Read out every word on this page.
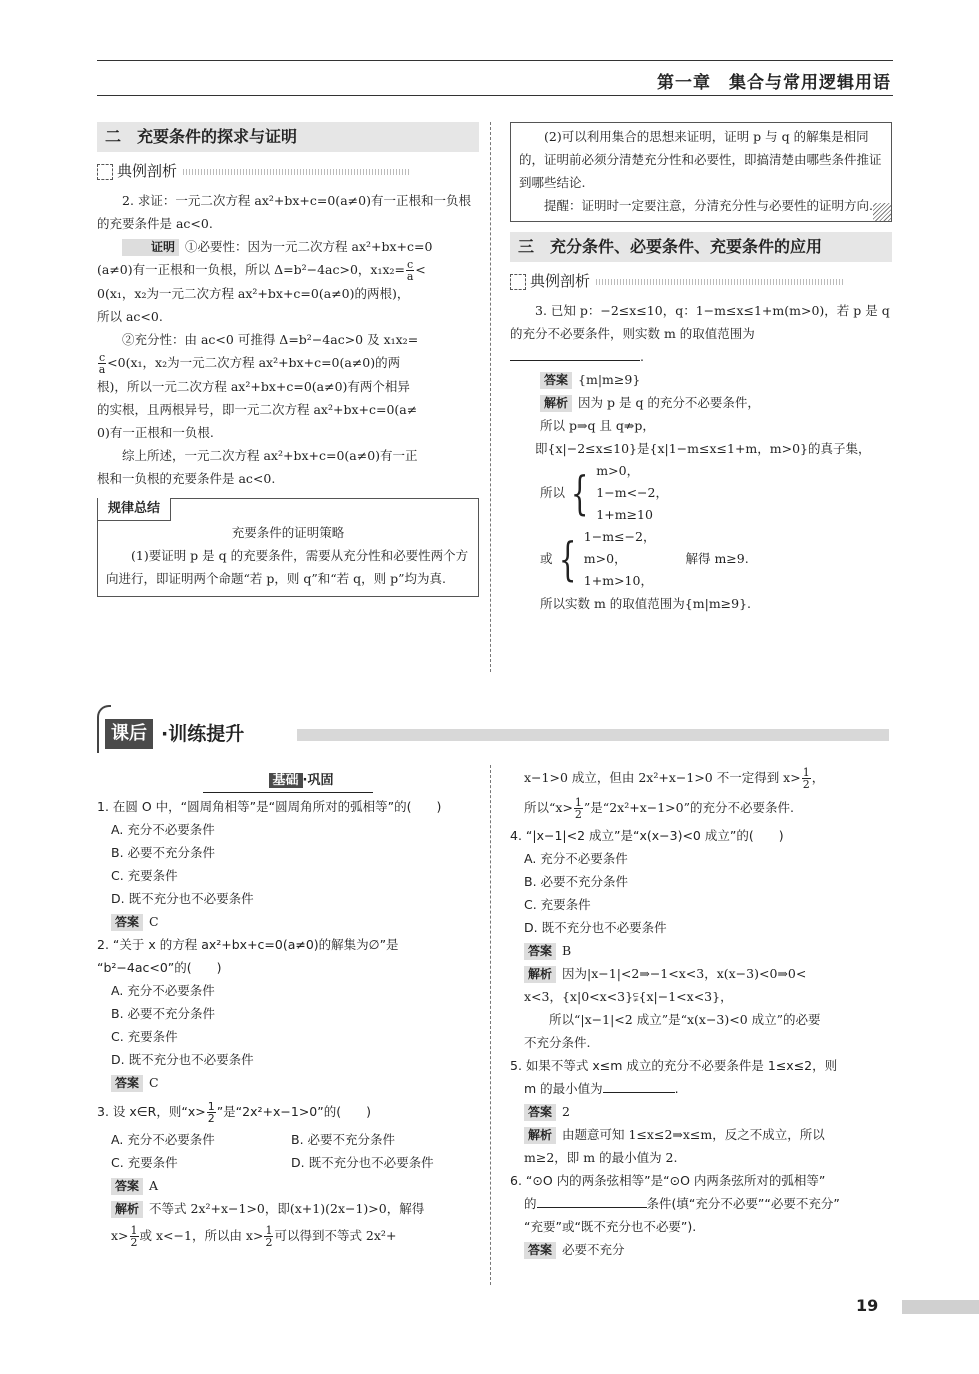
第一章　集合与常用逻辑用语
二　充要条件的探求与证明
典例剖析

2. 求证：一元二次方程 ax²+bx+c=0(a≠0)有一正根和一负根的充要条件是 ac<0.

证明 ①必要性：因为一元二次方程 ax²+bx+c=0

(a≠0)有一正根和一负根，所以 Δ=b²−4ac>0，$x_1x_2= \frac{c}{a}$ <

0(x₁，x₂为一元二次方程 ax²+bx+c=0(a≠0)的两根)，

所以 ac<0.

②充分性：由 ac<0 可推得 Δ=b²−4ac>0 及 x₁x₂=

$\frac{c}{a} <0(x_1$，x₂为一元二次方程 ax²+bx+c=0(a≠0)的两

根)，所以一元二次方程 ax²+bx+c=0(a≠0)有两个相异

的实根，且两根异号，即一元二次方程 ax²+bx+c=0(a≠

0)有一正根和一负根.

综上所述，一元二次方程 ax²+bx+c=0(a≠0)有一正

根和一负根的充要条件是 ac<0.

规律总结

充要条件的证明策略

(1)要证明 p 是 q 的充要条件，需要从充分性和必要性两个方向进行，即证明两个命题“若 p，则 q”和“若 q，则 p”均为真.

(2)可以利用集合的思想来证明，证明 p 与 q 的解集是相同的，证明前必须分清楚充分性和必要性，即搞清楚由哪些条件推证到哪些结论.

提醒：证明时一定要注意，分清充分性与必要性的证明方向.

三　充分条件、必要条件、充要条件的应用
典例剖析

3. 已知 p：−2≤x≤10，q：1−m≤x≤1+m(m>0)，若 p 是 q 的充分不必要条件，则实数 m 的取值范围为

.

答案 {m|m≥9}

解析 因为 p 是 q 的充分不必要条件，

所以 p⇒q 且 q⇏p，

即{x|−2≤x≤10}是{x|1−m≤x≤1+m，m>0}的真子集，

所以 { m>0，
1−m<−2，
1+m≥10
或 { 1−m≤−2，
m>0，
1+m>10，
解得 m≥9.

所以实数 m 的取值范围为{m|m≥9}.

课后 ·训练提升
基础 ·巩固

1. 在圆 O 中，“圆周角相等”是“圆周角所对的弧相等”的(　　)

A. 充分不必要条件

B. 必要不充分条件

C. 充要条件

D. 既不充分也不必要条件

答案 C

2. “关于 x 的方程 ax²+bx+c=0(a≠0)的解集为∅”是

“b²−4ac<0”的(　　)

A. 充分不必要条件

B. 必要不充分条件

C. 充要条件

D. 既不充分也不必要条件

答案 C

3. 设 x∈R，则“$x> \frac{1}{2}$ ”是“2x²+x−1>0”的(　　)

A. 充分不必要条件	B. 必要不充分条件
C. 充要条件	D. 既不充分也不必要条件

答案 A

解析 不等式 2x²+x−1>0，即(x+1)(2x−1)>0，解得

$x> \frac{1}{2}$ 或 x<−1，所以由 $x> \frac{1}{2}$ 可以得到不等式 2x²+

x−1>0 成立，但由 2x²+x−1>0 不一定得到 $x> \frac{1}{2}$ ，

所以“$x> \frac{1}{2}$ ”是“2x²+x−1>0”的充分不必要条件.

4. “|x−1|<2 成立”是“x(x−3)<0 成立”的(　　)

A. 充分不必要条件

B. 必要不充分条件

C. 充要条件

D. 既不充分也不必要条件

答案 B

解析 因为|x−1|<2⇒−1<x<3，x(x−3)<0⇒0<

x<3，{x|0<x<3}⫋{x|−1<x<3}，

所以“|x−1|<2 成立”是“x(x−3)<0 成立”的必要

不充分条件.

5. 如果不等式 x≤m 成立的充分不必要条件是 1≤x≤2，则

m 的最小值为	.

答案 2

解析 由题意可知 1≤x≤2⇒x≤m，反之不成立，所以

m≥2，即 m 的最小值为 2.

6. “⊙O 内的两条弦相等”是“⊙O 内两条弦所对的弧相等”

的	条件(填“充分不必要”“必要不充分”

“充要”或“既不充分也不必要”).

答案 必要不充分

19
